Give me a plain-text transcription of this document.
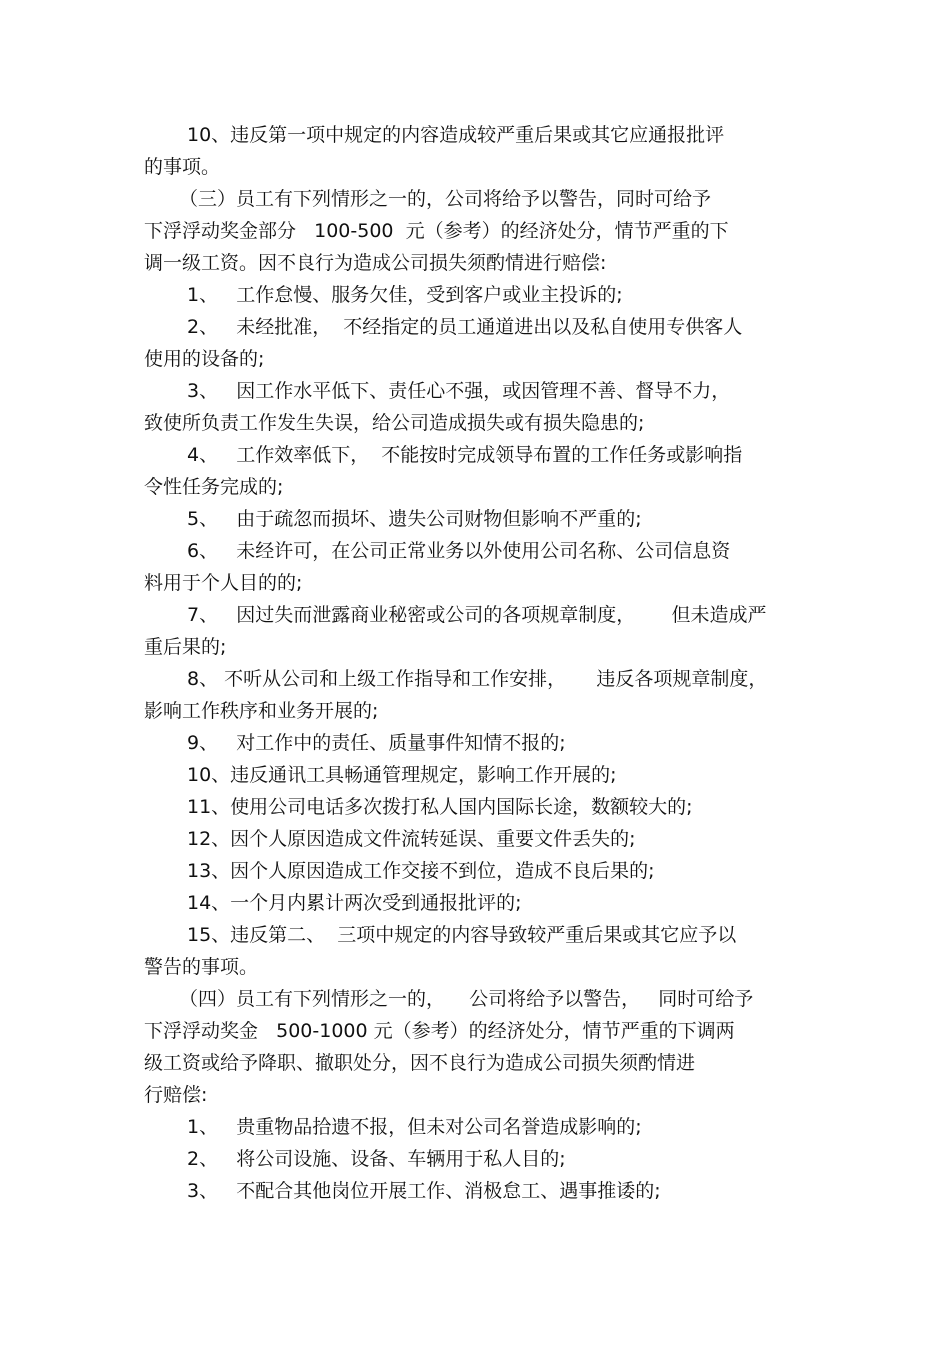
10、违反第一项中规定的内容造成较严重后果或其它应通报批评
的事项。
（三）员工有下列情形之一的，公司将给予以警告，同时可给予
下浮浮动奖金部分   100-500  元（参考）的经济处分，情节严重的下
调一级工资。因不良行为造成公司损失须酌情进行赔偿:
1、   工作怠慢、服务欠佳，受到客户或业主投诉的;
2、   未经批准，  不经指定的员工通道进出以及私自使用专供客人
使用的设备的;
3、   因工作水平低下、责任心不强，或因管理不善、督导不力，
致使所负责工作发生失误，给公司造成损失或有损失隐患的;
4、   工作效率低下，  不能按时完成领导布置的工作任务或影响指
令性任务完成的;
5、   由于疏忽而损坏、遗失公司财物但影响不严重的;
6、   未经许可，在公司正常业务以外使用公司名称、公司信息资
料用于个人目的的;
7、   因过失而泄露商业秘密或公司的各项规章制度，      但未造成严
重后果的;
8、 不听从公司和上级工作指导和工作安排，     违反各项规章制度，
影响工作秩序和业务开展的;
9、   对工作中的责任、质量事件知情不报的;
10、违反通讯工具畅通管理规定，影响工作开展的;
11、使用公司电话多次拨打私人国内国际长途，数额较大的;
12、因个人原因造成文件流转延误、重要文件丢失的;
13、因个人原因造成工作交接不到位，造成不良后果的;
14、一个月内累计两次受到通报批评的;
15、违反第二、  三项中规定的内容导致较严重后果或其它应予以
警告的事项。
（四）员工有下列情形之一的，    公司将给予以警告，   同时可给予
下浮浮动奖金   500-1000 元（参考）的经济处分，情节严重的下调两
级工资或给予降职、撤职处分，因不良行为造成公司损失须酌情进
行赔偿:
1、   贵重物品拾遗不报，但未对公司名誉造成影响的;
2、   将公司设施、设备、车辆用于私人目的;
3、   不配合其他岗位开展工作、消极怠工、遇事推诿的;
